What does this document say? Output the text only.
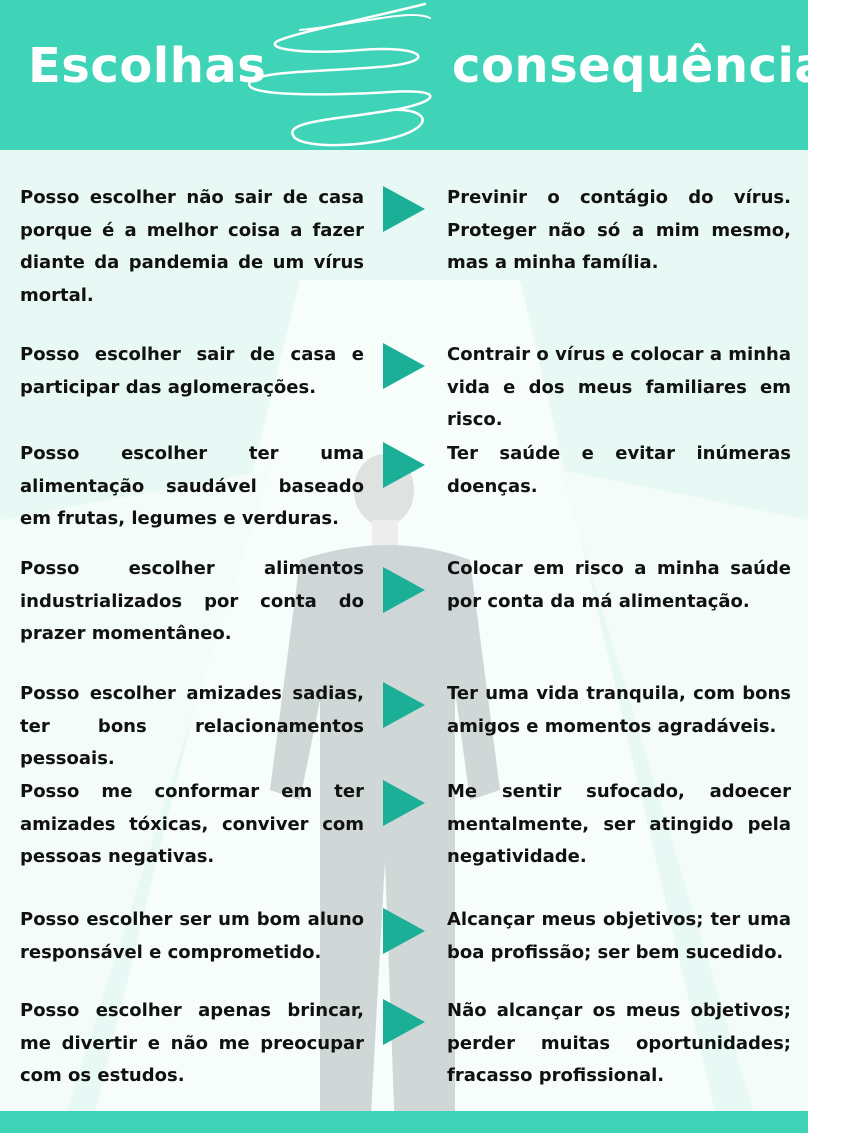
Escolhas	consequências

Posso escolher não sair de casa porque é a melhor coisa a fazer diante da pandemia de um vírus mortal.

Previnir o contágio do vírus. Proteger não só a mim mesmo, mas a minha família.

Posso escolher sair de casa e participar das aglomerações.

Contrair o vírus e colocar a minha vida e dos meus familiares em risco.

Posso escolher ter uma alimentação saudável baseado em frutas, legumes e verduras.

Ter saúde e evitar inúmeras doenças.

Posso escolher alimentos industrializados por conta do prazer momentâneo.

Colocar em risco a minha saúde por conta da má alimentação.

Posso escolher amizades sadias, ter bons relacionamentos pessoais.

Ter uma vida tranquila, com bons amigos e momentos agradáveis.

Posso me conformar em ter amizades tóxicas, conviver com pessoas negativas.

Me sentir sufocado, adoecer mentalmente, ser atingido pela negatividade.

Posso escolher ser um bom aluno responsável e comprometido.

Alcançar meus objetivos; ter uma boa profissão; ser bem sucedido.

Posso escolher apenas brincar, me divertir e não me preocupar com os estudos.

Não alcançar os meus objetivos; perder muitas oportunidades; fracasso profissional.
